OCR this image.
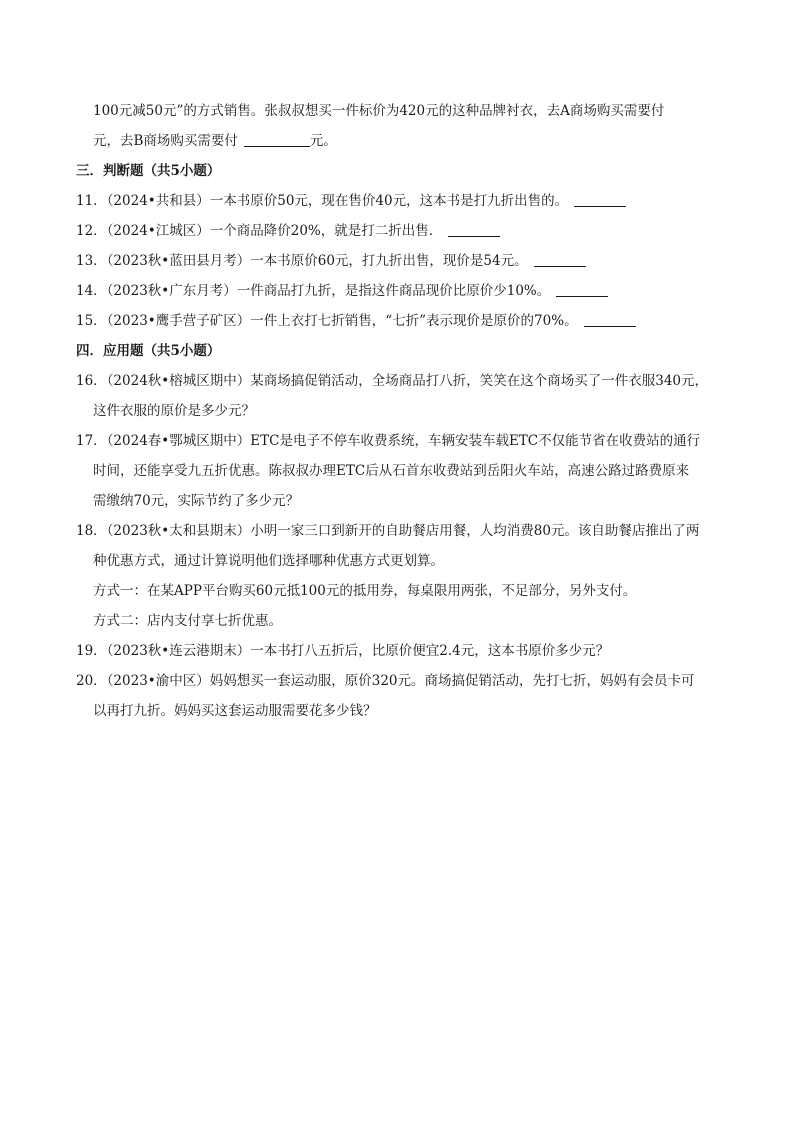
100元减50元”的方式销售。张叔叔想买一件标价为420元的这种品牌衬衣，去A商场购买需要付
元，去B商场购买需要付	元。
三．判断题（共5小题）
11．（2024•共和县）一本书原价50元，现在售价40元，这本书是打九折出售的。
12．（2024•江城区）一个商品降价20%，就是打二折出售．
13．（2023秋•蓝田县月考）一本书原价60元，打九折出售，现价是54元。
14．（2023秋•广东月考）一件商品打九折，是指这件商品现价比原价少10%。
15．（2023•鹰手营子矿区）一件上衣打七折销售，“七折”表示现价是原价的70%。
四．应用题（共5小题）
16．（2024秋•榕城区期中）某商场搞促销活动，全场商品打八折，笑笑在这个商场买了一件衣服340元，
这件衣服的原价是多少元？
17．（2024春•鄂城区期中）ETC是电子不停车收费系统，车辆安装车载ETC不仅能节省在收费站的通行
时间，还能享受九五折优惠。陈叔叔办理ETC后从石首东收费站到岳阳火车站，高速公路过路费原来
需缴纳70元，实际节约了多少元？
18．（2023秋•太和县期末）小明一家三口到新开的自助餐店用餐，人均消费80元。该自助餐店推出了两
种优惠方式，通过计算说明他们选择哪种优惠方式更划算。
方式一：在某APP平台购买60元抵100元的抵用券，每桌限用两张，不足部分，另外支付。
方式二：店内支付享七折优惠。
19．（2023秋•连云港期末）一本书打八五折后，比原价便宜2.4元，这本书原价多少元？
20．（2023•渝中区）妈妈想买一套运动服，原价320元。商场搞促销活动，先打七折，妈妈有会员卡可
以再打九折。妈妈买这套运动服需要花多少钱？
